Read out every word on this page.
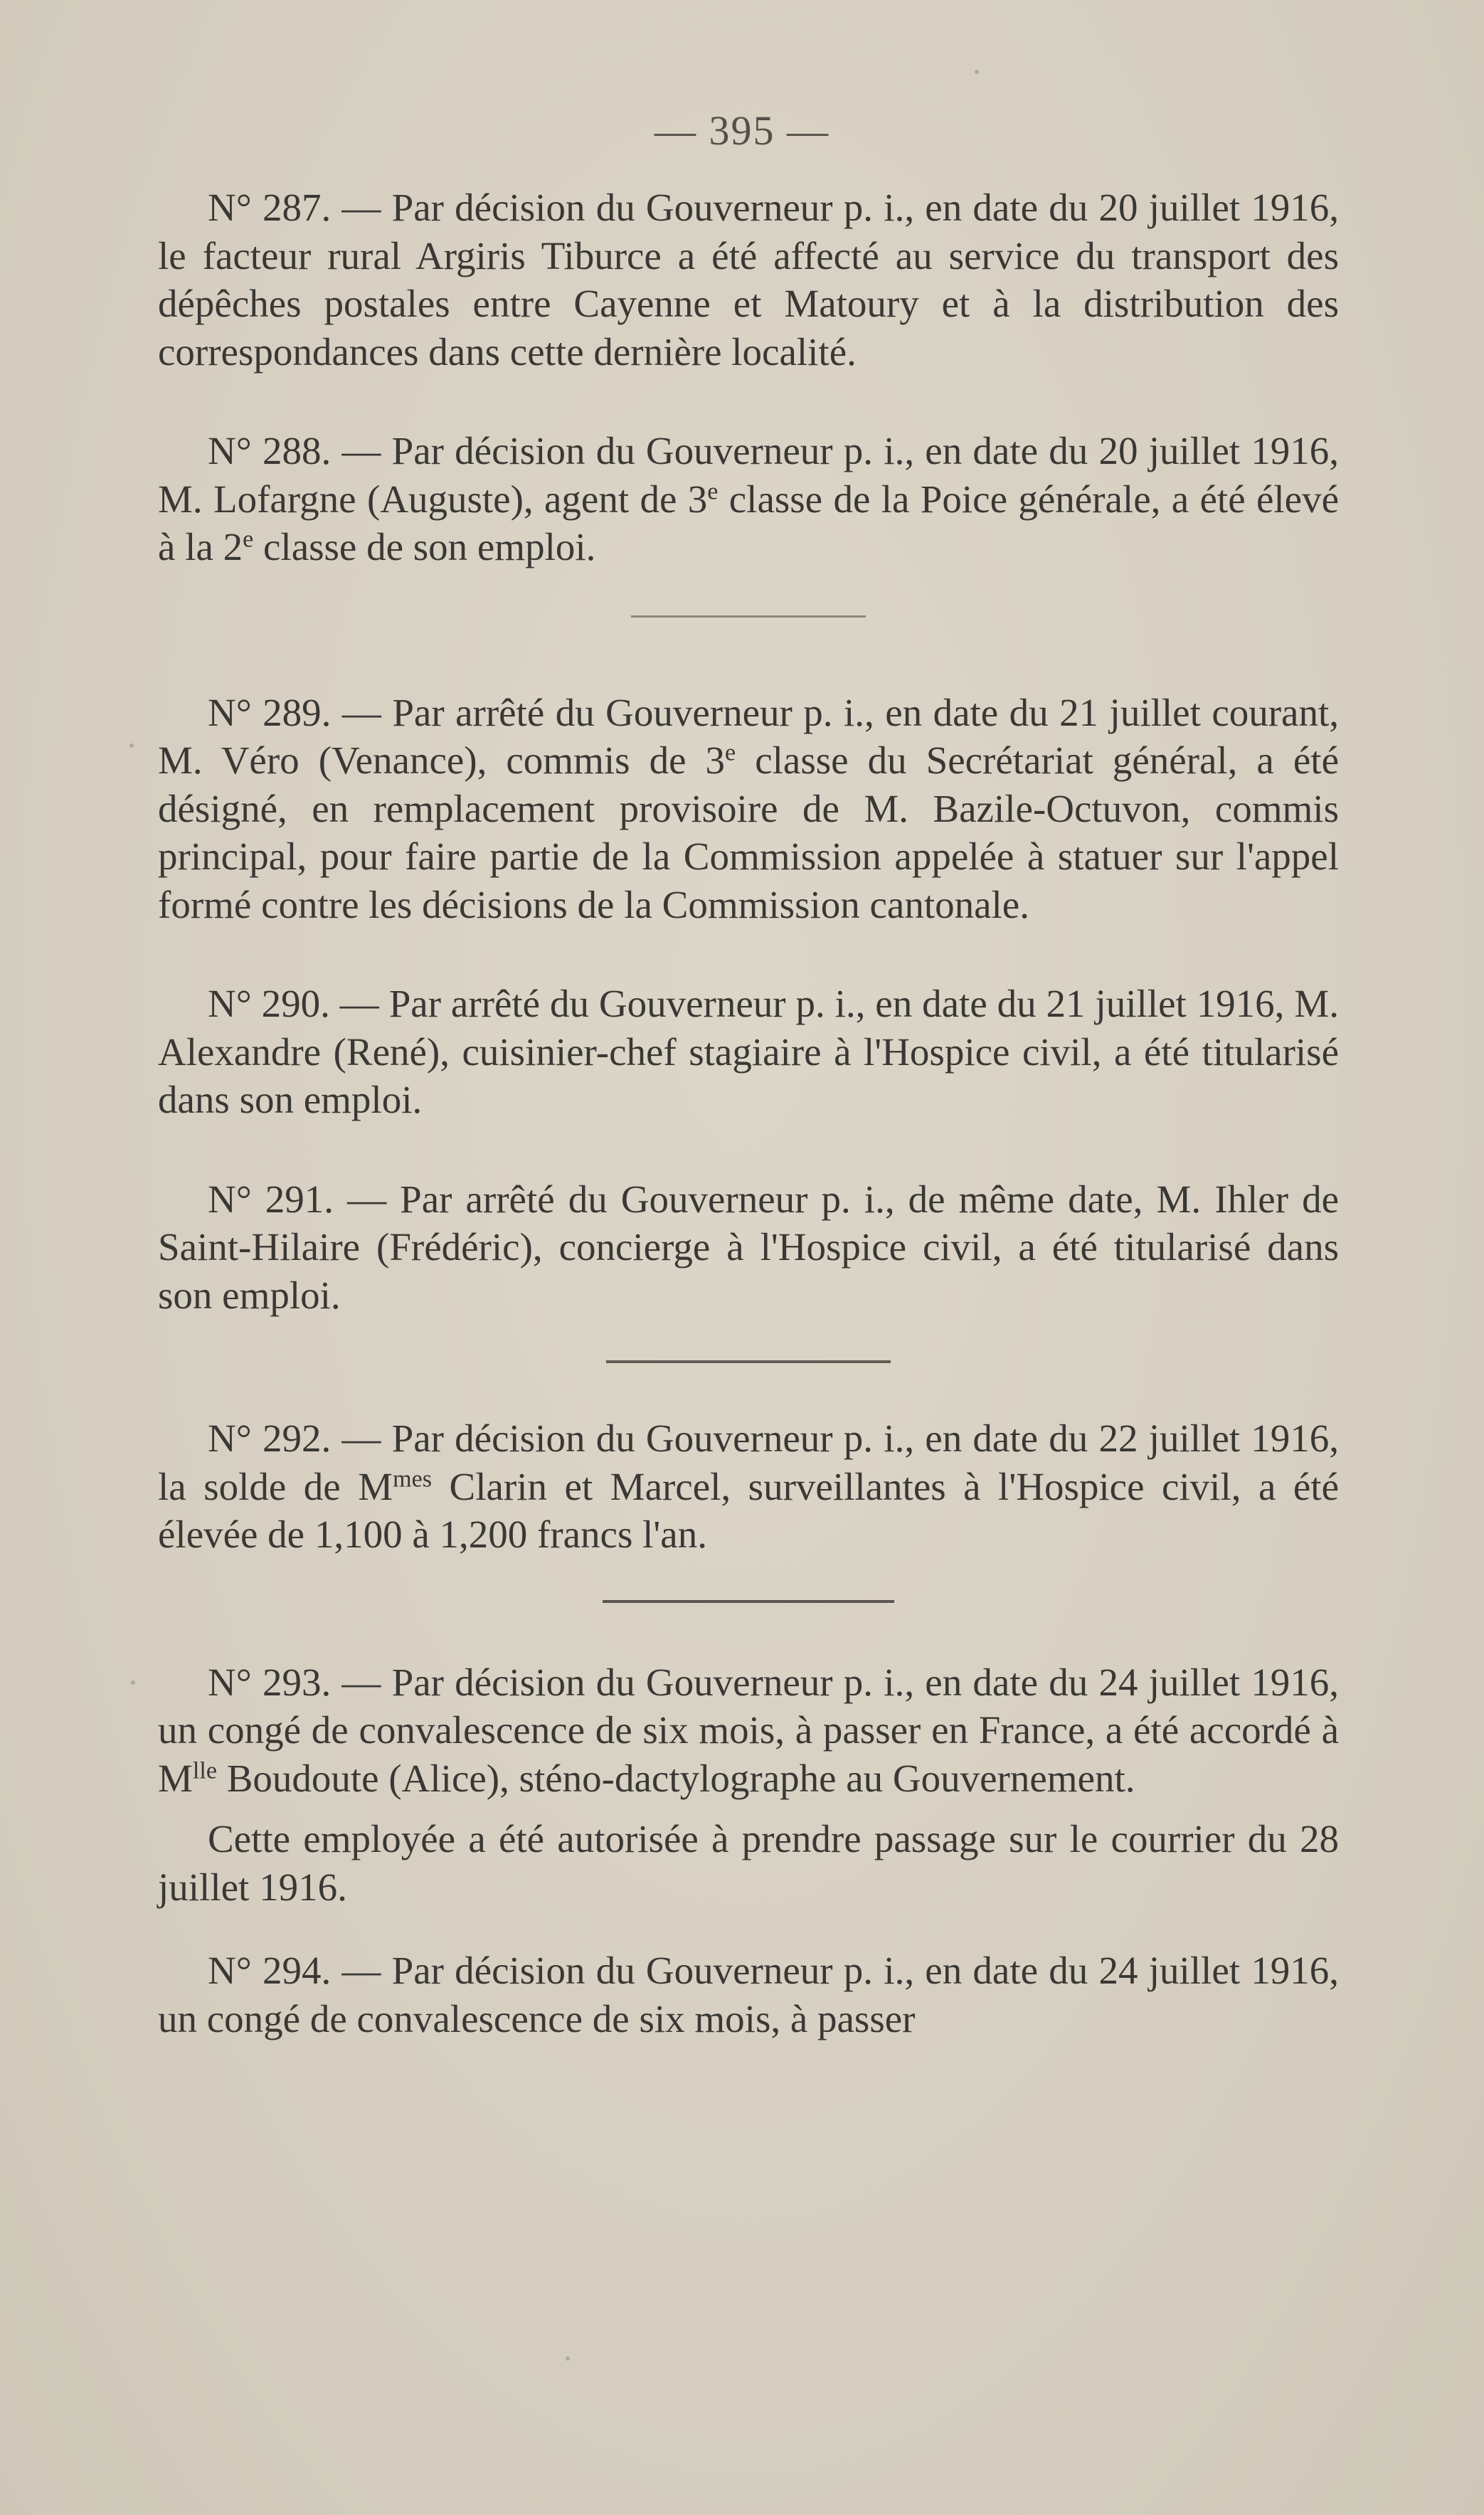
— 395 —

N° 287. — Par décision du Gouverneur p. i., en date du 20 juillet 1916, le facteur rural Argiris Tiburce a été affecté au service du transport des dépêches postales entre Cayenne et Matoury et à la distribution des correspondances dans cette dernière localité.

N° 288. — Par décision du Gouverneur p. i., en date du 20 juillet 1916, M. Lofargne (Auguste), agent de 3e classe de la Poice générale, a été élevé à la 2e classe de son emploi.

N° 289. — Par arrêté du Gouverneur p. i., en date du 21 juillet courant, M. Véro (Venance), commis de 3e classe du Secrétariat général, a été désigné, en remplacement provisoire de M. Bazile-Octuvon, commis principal, pour faire partie de la Commission appelée à statuer sur l'appel formé contre les décisions de la Commission cantonale.

N° 290. — Par arrêté du Gouverneur p. i., en date du 21 juillet 1916, M. Alexandre (René), cuisinier-chef stagiaire à l'Hospice civil, a été titularisé dans son emploi.

N° 291. — Par arrêté du Gouverneur p. i., de même date, M. Ihler de Saint-Hilaire (Frédéric), concierge à l'Hospice civil, a été titularisé dans son emploi.

N° 292. — Par décision du Gouverneur p. i., en date du 22 juillet 1916, la solde de $M^{mes}$ Clarin et Marcel, surveillantes à l'Hospice civil, a été élevée de 1,100 à 1,200 francs l'an.

N° 293. — Par décision du Gouverneur p. i., en date du 24 juillet 1916, un congé de convalescence de six mois, à passer en France, a été accordé à $M^{lle}$ Boudoute (Alice), sténo-dactylographe au Gouvernement.

Cette employée a été autorisée à prendre passage sur le courrier du 28 juillet 1916.

N° 294. — Par décision du Gouverneur p. i., en date du 24 juillet 1916, un congé de convalescence de six mois, à passer
